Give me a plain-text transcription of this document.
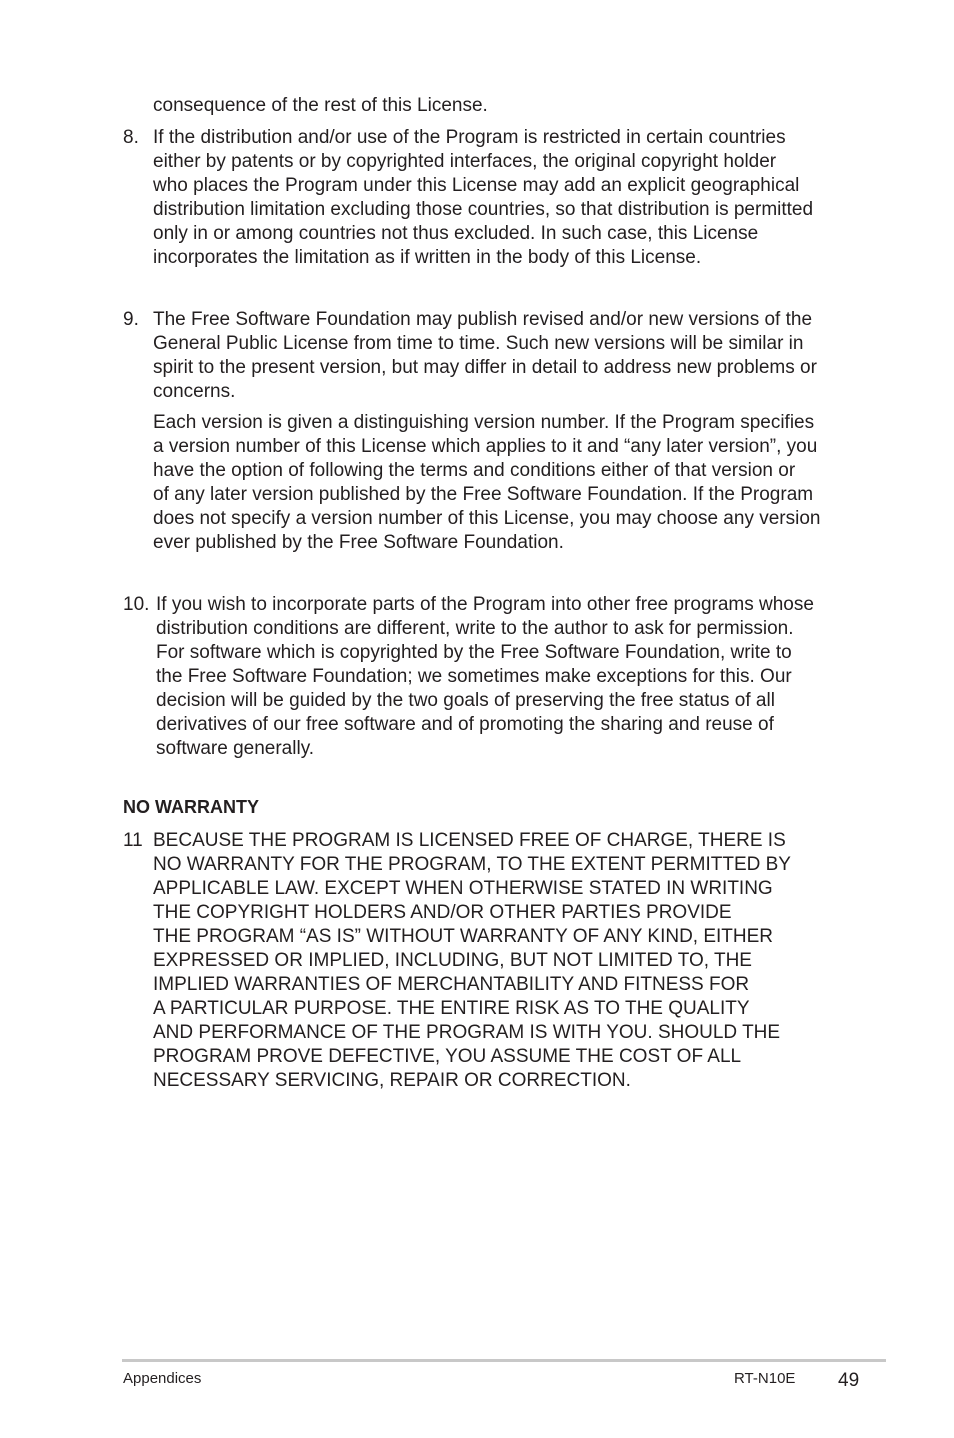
consequence of the rest of this License.

8. If the distribution and/or use of the Program is restricted in certain countries
either by patents or by copyrighted interfaces, the original copyright holder
who places the Program under this License may add an explicit geographical
distribution limitation excluding those countries, so that distribution is permitted
only in or among countries not thus excluded. In such case, this License
incorporates the limitation as if written in the body of this License.

9. The Free Software Foundation may publish revised and/or new versions of the
General Public License from time to time. Such new versions will be similar in
spirit to the present version, but may differ in detail to address new problems or
concerns.

Each version is given a distinguishing version number. If the Program specifies
a version number of this License which applies to it and “any later version”, you
have the option of following the terms and conditions either of that version or
of any later version published by the Free Software Foundation. If the Program
does not specify a version number of this License, you may choose any version
ever published by the Free Software Foundation.

10. If you wish to incorporate parts of the Program into other free programs whose
distribution conditions are different, write to the author to ask for permission.
For software which is copyrighted by the Free Software Foundation, write to
the Free Software Foundation; we sometimes make exceptions for this. Our
decision will be guided by the two goals of preserving the free status of all
derivatives of our free software and of promoting the sharing and reuse of
software generally.

NO WARRANTY
11 BECAUSE THE PROGRAM IS LICENSED FREE OF CHARGE, THERE IS
NO WARRANTY FOR THE PROGRAM, TO THE EXTENT PERMITTED BY
APPLICABLE LAW. EXCEPT WHEN OTHERWISE STATED IN WRITING
THE COPYRIGHT HOLDERS AND/OR OTHER PARTIES PROVIDE
THE PROGRAM “AS IS” WITHOUT WARRANTY OF ANY KIND, EITHER
EXPRESSED OR IMPLIED, INCLUDING, BUT NOT LIMITED TO, THE
IMPLIED WARRANTIES OF MERCHANTABILITY AND FITNESS FOR
A PARTICULAR PURPOSE. THE ENTIRE RISK AS TO THE QUALITY
AND PERFORMANCE OF THE PROGRAM IS WITH YOU. SHOULD THE
PROGRAM PROVE DEFECTIVE, YOU ASSUME THE COST OF ALL
NECESSARY SERVICING, REPAIR OR CORRECTION.

Appendices	RT-N10E 49
